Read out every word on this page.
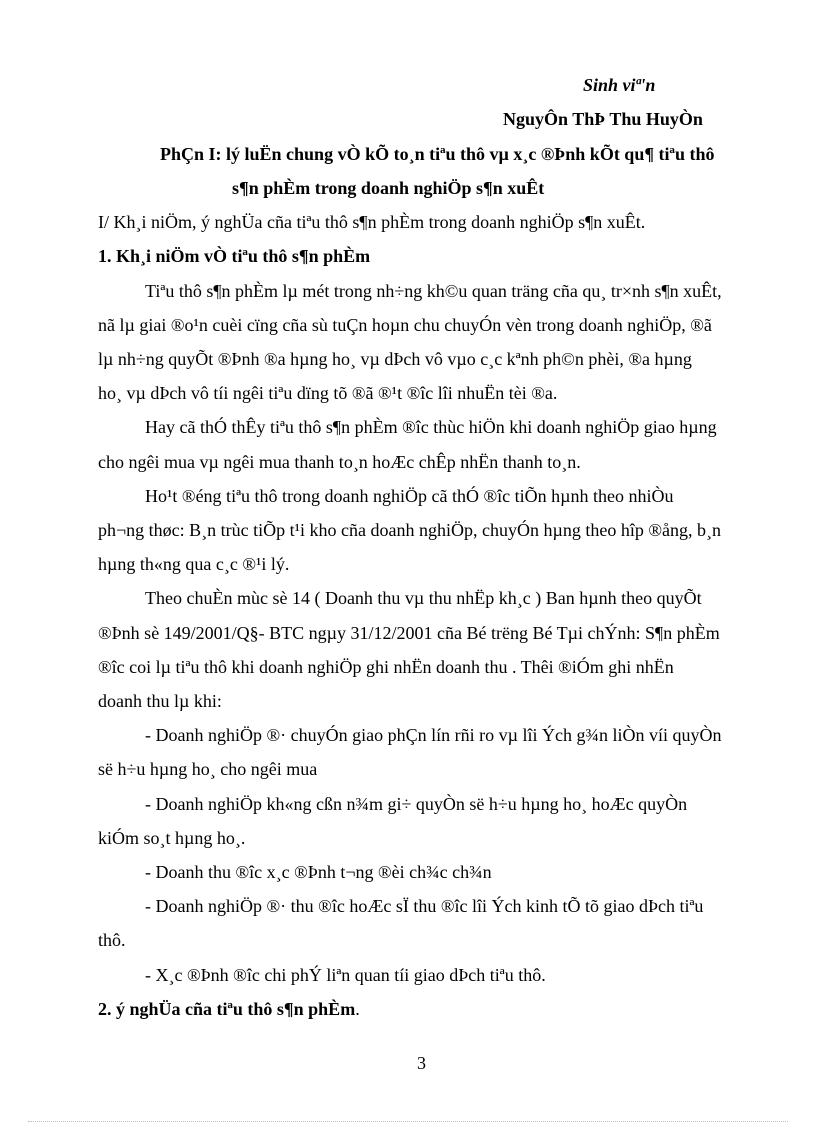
Sinh viª'n
NguyÔn ThÞ Thu HuyÒn
PhÇn I: lý luËn chung vÒ kÕ to¸n tiªu thô vµ x¸c ®Þnh kÕt qu¶ tiªu thô
s¶n phÈm trong doanh nghiÖp s¶n xuÊt
I/ Kh¸i niÖm, ý nghÜa cña tiªu thô s¶n phÈm trong doanh nghiÖp s¶n xuÊt.
1. Kh¸i niÖm vÒ tiªu thô s¶n phÈm
Tiªu thô s¶n phÈm lµ mét trong nh÷ng kh©u quan träng cña qu¸ tr×nh s¶n xuÊt,
nã lµ giai ®o¹n cuèi cïng cña sù tuÇn hoµn chu chuyÓn vèn trong doanh nghiÖp, ®ã
lµ nh÷ng quyÕt ®Þnh ®a hµng ho¸ vµ dÞch vô vµo c¸c kªnh ph©n phèi, ®a hµng
ho¸ vµ dÞch vô tíi ngêi tiªu dïng tõ ®ã ®¹t ®îc lîi nhuËn tèi ®a.
Hay cã thÓ thÊy tiªu thô s¶n phÈm ®îc thùc hiÖn khi doanh nghiÖp giao hµng
cho ngêi mua vµ ngêi mua thanh to¸n hoÆc chÊp nhËn thanh to¸n.
Ho¹t ®éng tiªu thô trong doanh nghiÖp cã thÓ ®îc tiÕn hµnh theo nhiÒu
ph¬ng thøc: B¸n trùc tiÕp t¹i kho cña doanh nghiÖp, chuyÓn hµng theo hîp ®ång, b¸n
hµng th«ng qua c¸c ®¹i lý.
Theo chuÈn mùc sè 14 ( Doanh thu vµ thu nhËp kh¸c ) Ban hµnh theo quyÕt
®Þnh sè 149/2001/Q§- BTC ngµy 31/12/2001 cña Bé trëng Bé Tµi chÝnh: S¶n phÈm
®îc coi lµ tiªu thô khi doanh nghiÖp ghi nhËn doanh thu . Thêi ®iÓm ghi nhËn
doanh thu lµ khi:
- Doanh nghiÖp ®· chuyÓn giao phÇn lín rñi ro vµ lîi Ých g¾n liÒn víi quyÒn
së h÷u hµng ho¸ cho ngêi mua
- Doanh nghiÖp kh«ng cßn n¾m gi÷ quyÒn së h÷u hµng ho¸ hoÆc quyÒn
kiÓm so¸t hµng ho¸.
- Doanh thu ®îc x¸c ®Þnh t¬ng ®èi ch¾c ch¾n
- Doanh nghiÖp ®· thu ®îc hoÆc sÏ thu ®îc lîi Ých kinh tÕ tõ giao dÞch tiªu
thô.
- X¸c ®Þnh ®îc chi phÝ liªn quan tíi giao dÞch tiªu thô.
2. ý nghÜa cña tiªu thô s¶n phÈm.
3
